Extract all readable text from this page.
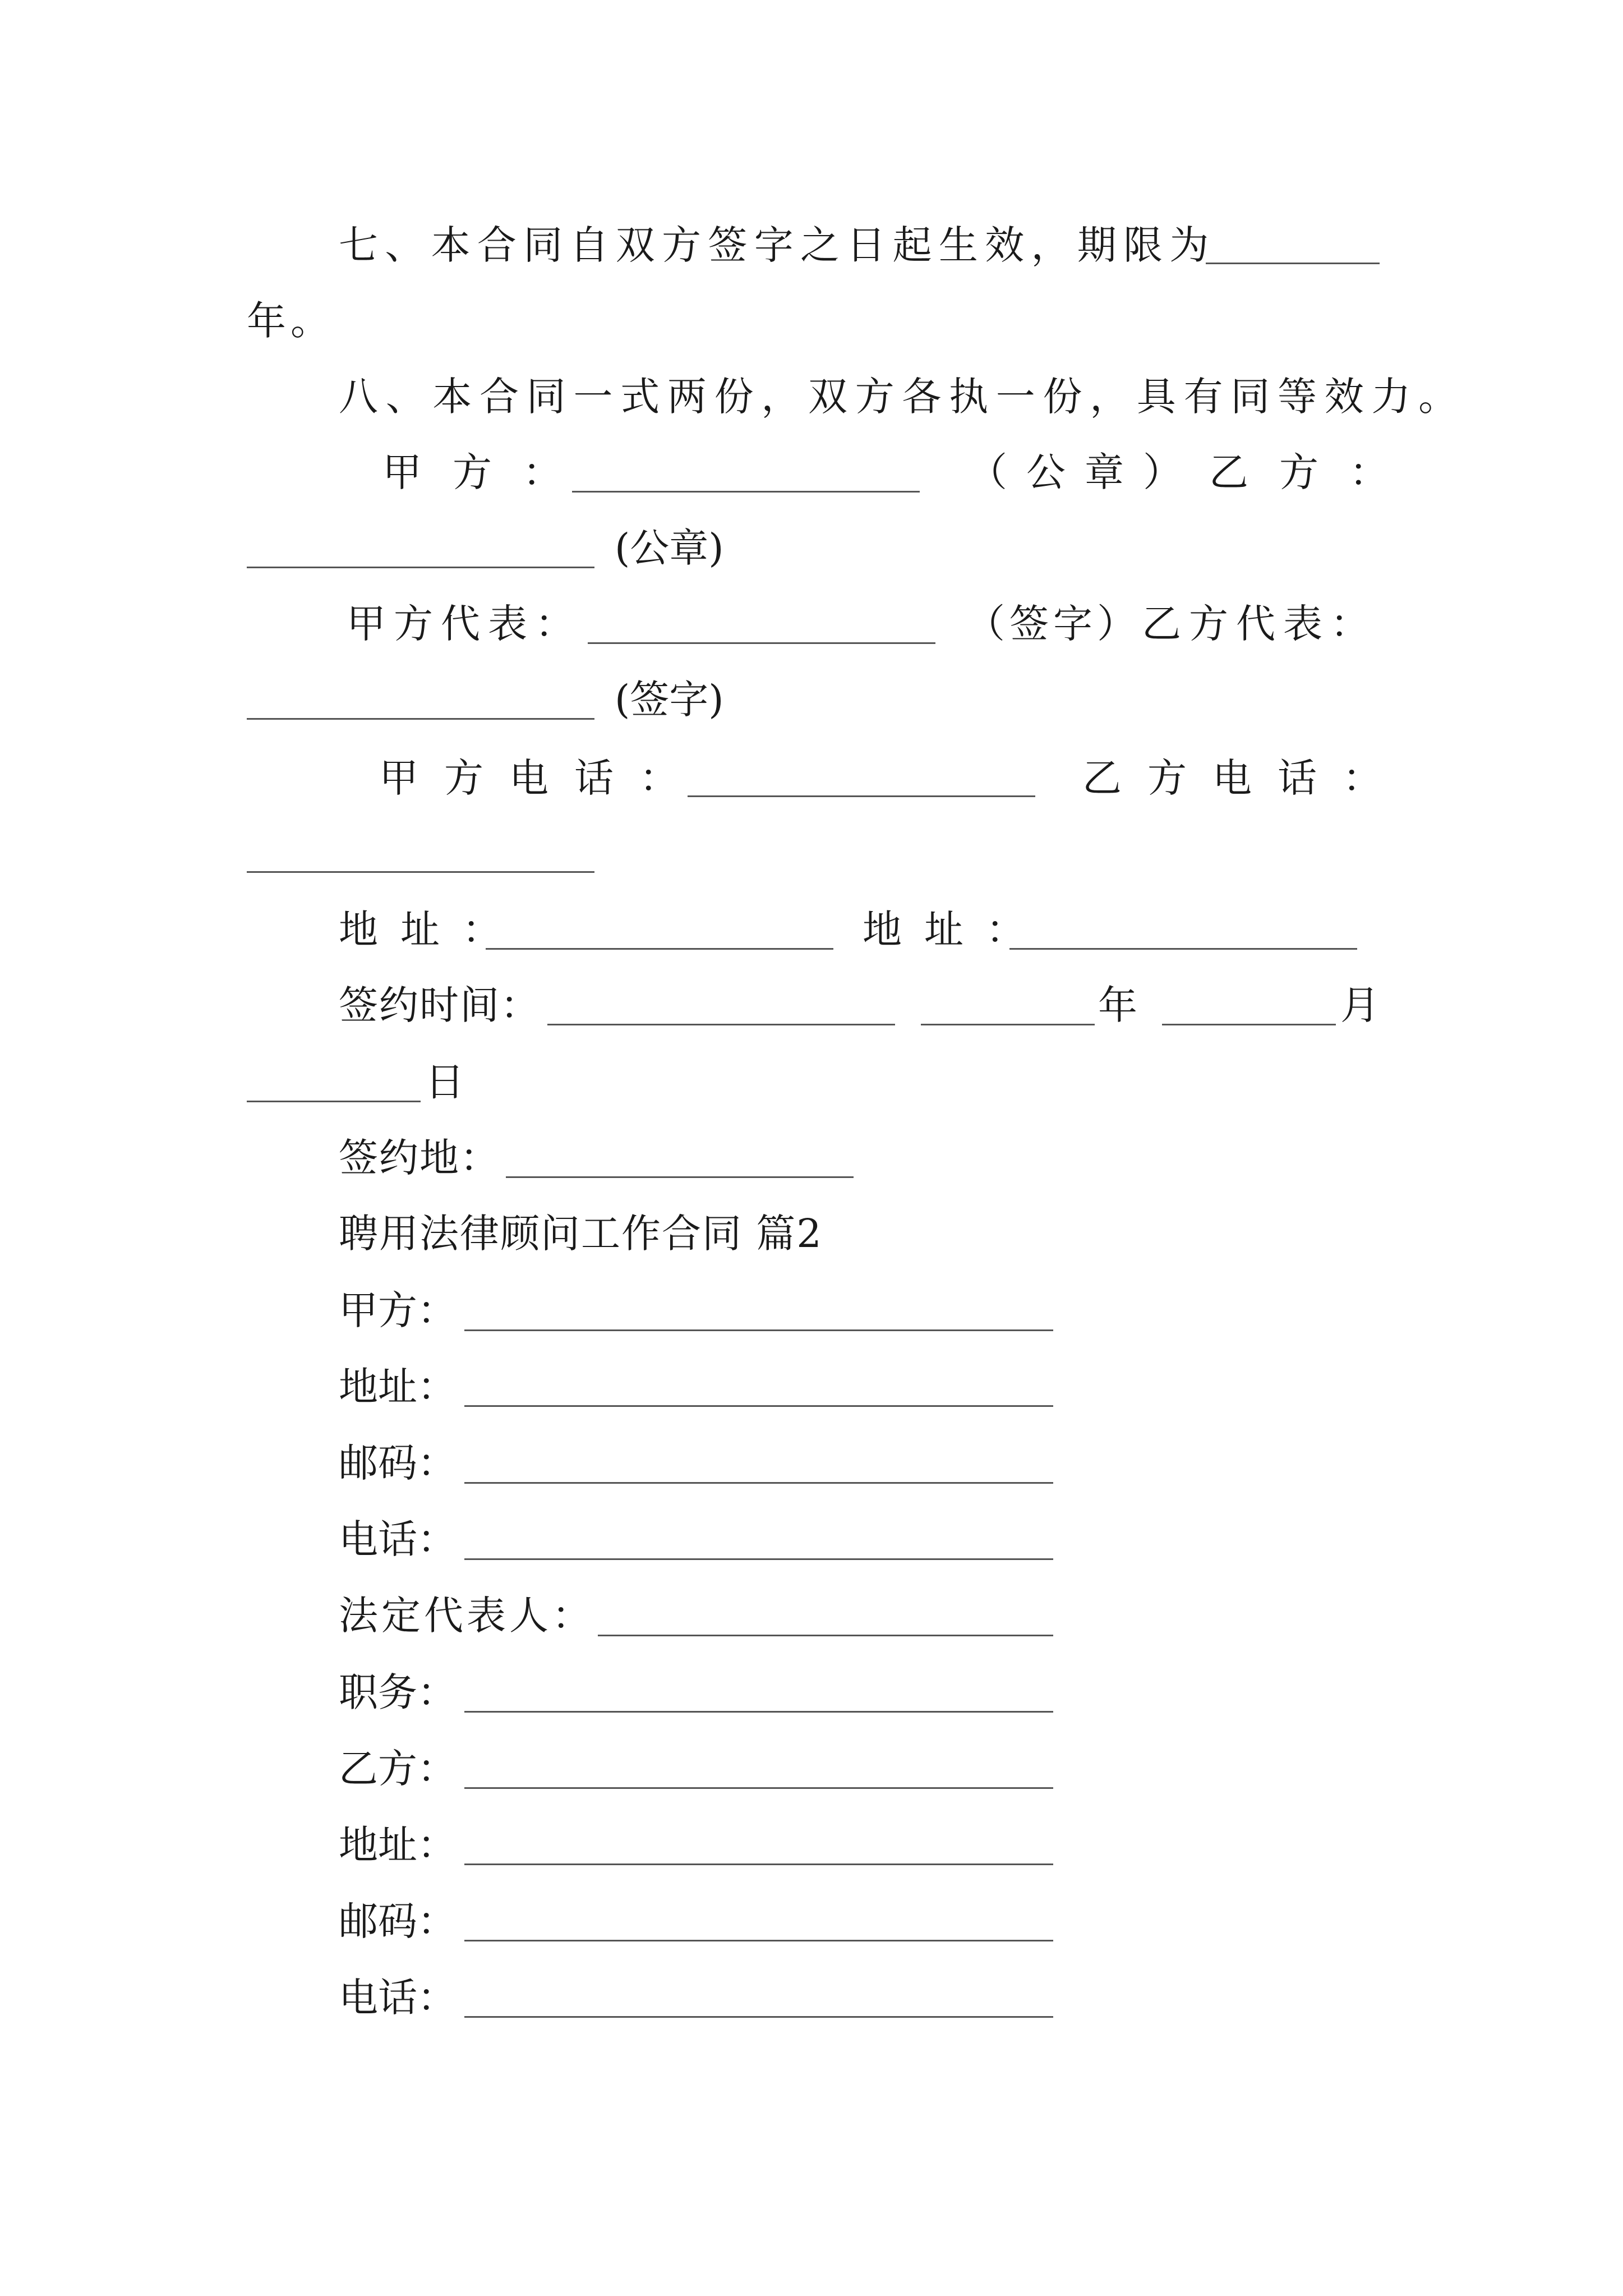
七、本合同自双方签字之日起生效，期限为
年。
八、本合同一式两份，双方各执一份，具有同等效力。
甲方：	（公章） 乙方：
(公章)
甲方代表：	（签字） 乙方代表：
(签字)
甲方电话：	乙方电话：
地址：	地址：
签约时间：	年	月
日
签约地：
聘用法律顾问工作合同 篇2
甲方：
地址：
邮码：
电话：
法定代表人：
职务：
乙方：
地址：
邮码：
电话：
